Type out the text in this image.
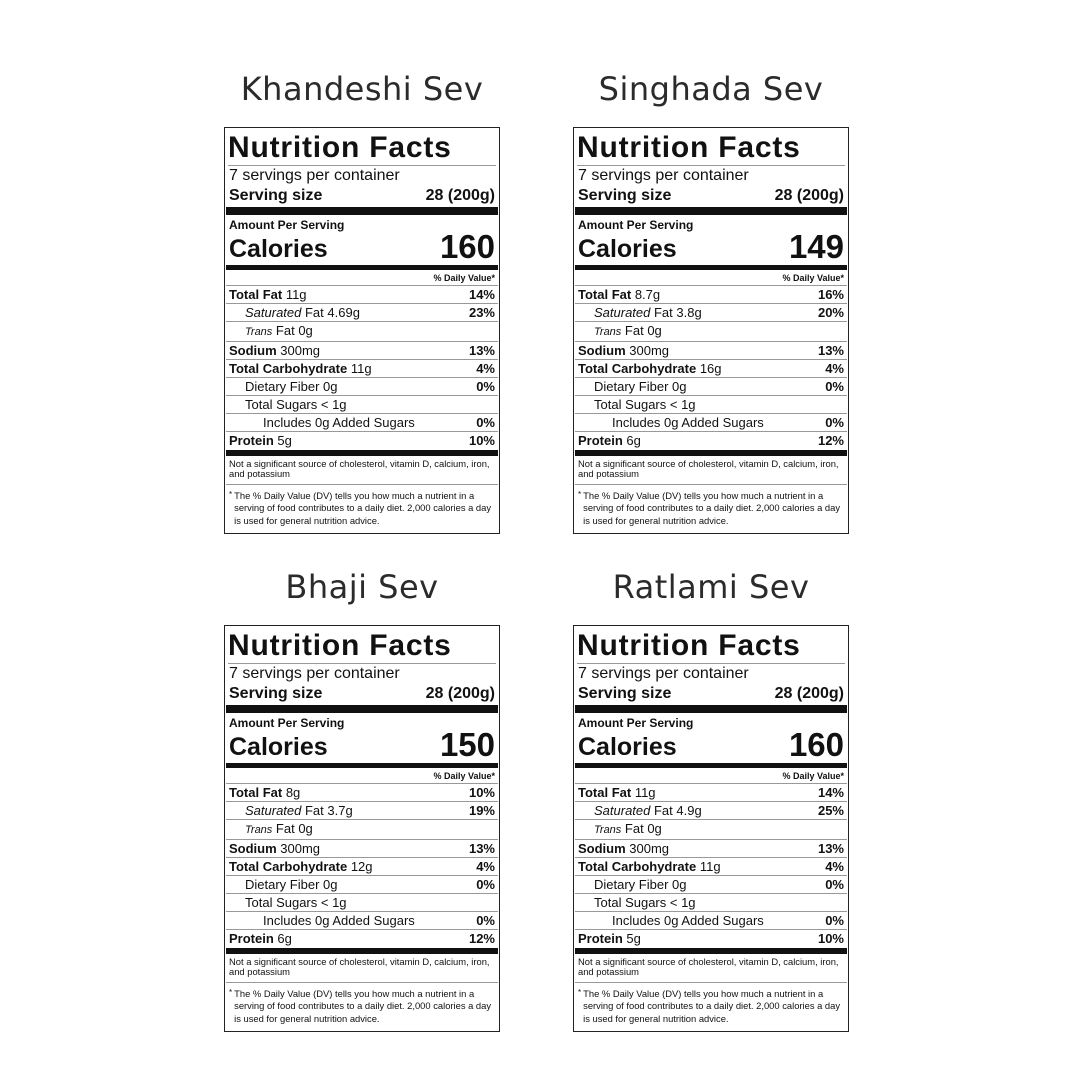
Khandeshi Sev
Nutrition Facts
7 servings per container
Serving size	28 (200g)
Amount Per Serving
Calories	160
% Daily Value*
Total Fat 11g	14%
Saturated Fat 4.69g	23%
Trans Fat 0g
Sodium 300mg	13%
Total Carbohydrate 11g	4%
Dietary Fiber 0g	0%
Total Sugars < 1g
Includes 0g Added Sugars	0%
Protein 5g	10%
Not a significant source of cholesterol, vitamin D, calcium, iron, and potassium
* The % Daily Value (DV) tells you how much a nutrient in a serving of food contributes to a daily diet. 2,000 calories a day is used for general nutrition advice.
Singhada Sev
Nutrition Facts
7 servings per container
Serving size	28 (200g)
Amount Per Serving
Calories	149
% Daily Value*
Total Fat 8.7g	16%
Saturated Fat 3.8g	20%
Trans Fat 0g
Sodium 300mg	13%
Total Carbohydrate 16g	4%
Dietary Fiber 0g	0%
Total Sugars < 1g
Includes 0g Added Sugars	0%
Protein 6g	12%
Not a significant source of cholesterol, vitamin D, calcium, iron, and potassium
* The % Daily Value (DV) tells you how much a nutrient in a serving of food contributes to a daily diet. 2,000 calories a day is used for general nutrition advice.
Bhaji Sev
Nutrition Facts
7 servings per container
Serving size	28 (200g)
Amount Per Serving
Calories	150
% Daily Value*
Total Fat 8g	10%
Saturated Fat 3.7g	19%
Trans Fat 0g
Sodium 300mg	13%
Total Carbohydrate 12g	4%
Dietary Fiber 0g	0%
Total Sugars < 1g
Includes 0g Added Sugars	0%
Protein 6g	12%
Not a significant source of cholesterol, vitamin D, calcium, iron, and potassium
* The % Daily Value (DV) tells you how much a nutrient in a serving of food contributes to a daily diet. 2,000 calories a day is used for general nutrition advice.
Ratlami Sev
Nutrition Facts
7 servings per container
Serving size	28 (200g)
Amount Per Serving
Calories	160
% Daily Value*
Total Fat 11g	14%
Saturated Fat 4.9g	25%
Trans Fat 0g
Sodium 300mg	13%
Total Carbohydrate 11g	4%
Dietary Fiber 0g	0%
Total Sugars < 1g
Includes 0g Added Sugars	0%
Protein 5g	10%
Not a significant source of cholesterol, vitamin D, calcium, iron, and potassium
* The % Daily Value (DV) tells you how much a nutrient in a serving of food contributes to a daily diet. 2,000 calories a day is used for general nutrition advice.
